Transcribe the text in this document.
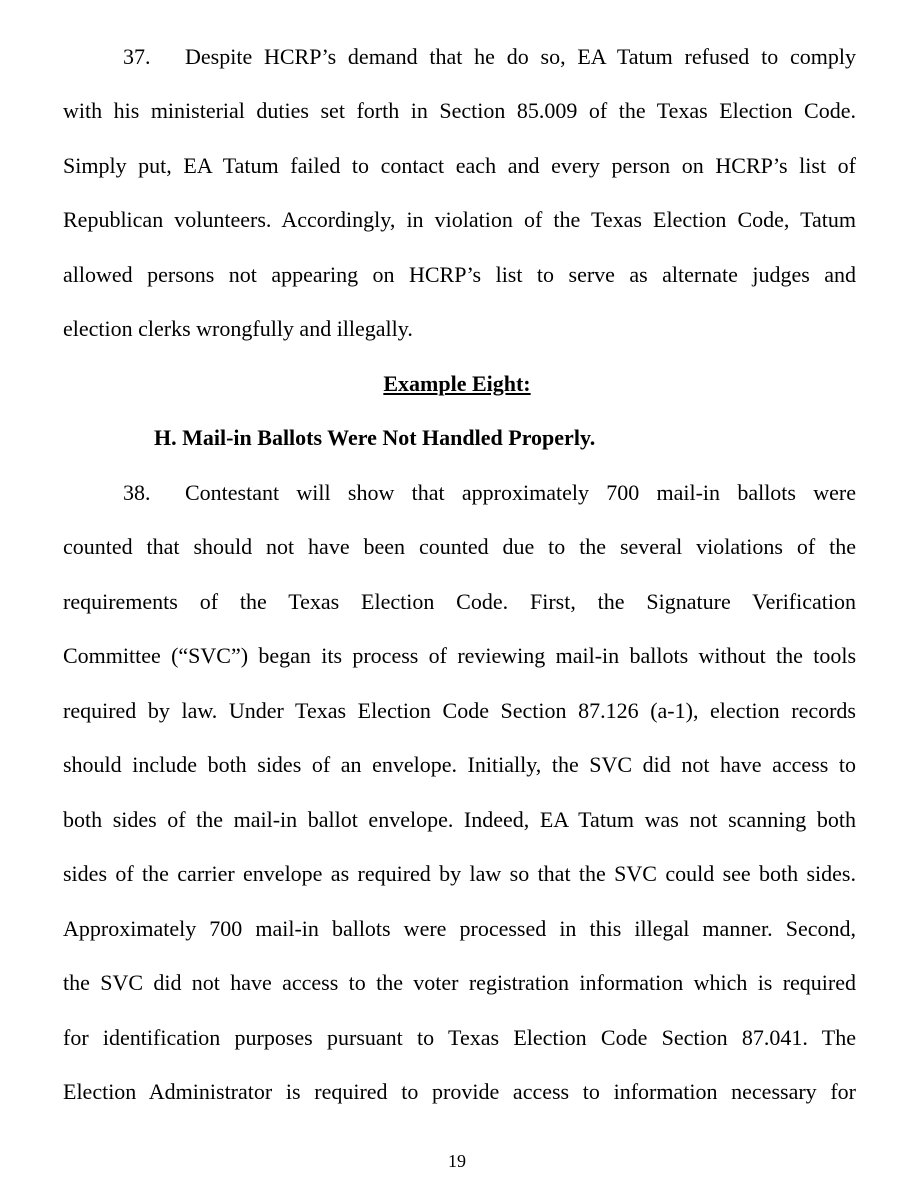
37. Despite HCRP’s demand that he do so, EA Tatum refused to comply
with his ministerial duties set forth in Section 85.009 of the Texas Election Code.
Simply put, EA Tatum failed to contact each and every person on HCRP’s list of
Republican volunteers. Accordingly, in violation of the Texas Election Code, Tatum
allowed persons not appearing on HCRP’s list to serve as alternate judges and
election clerks wrongfully and illegally.
Example Eight:
H. Mail-in Ballots Were Not Handled Properly.
38. Contestant will show that approximately 700 mail-in ballots were
counted that should not have been counted due to the several violations of the
requirements of the Texas Election Code. First, the Signature Verification
Committee (“SVC”) began its process of reviewing mail-in ballots without the tools
required by law. Under Texas Election Code Section 87.126 (a-1), election records
should include both sides of an envelope. Initially, the SVC did not have access to
both sides of the mail-in ballot envelope. Indeed, EA Tatum was not scanning both
sides of the carrier envelope as required by law so that the SVC could see both sides.
Approximately 700 mail-in ballots were processed in this illegal manner. Second,
the SVC did not have access to the voter registration information which is required
for identification purposes pursuant to Texas Election Code Section 87.041. The
Election Administrator is required to provide access to information necessary for
19
